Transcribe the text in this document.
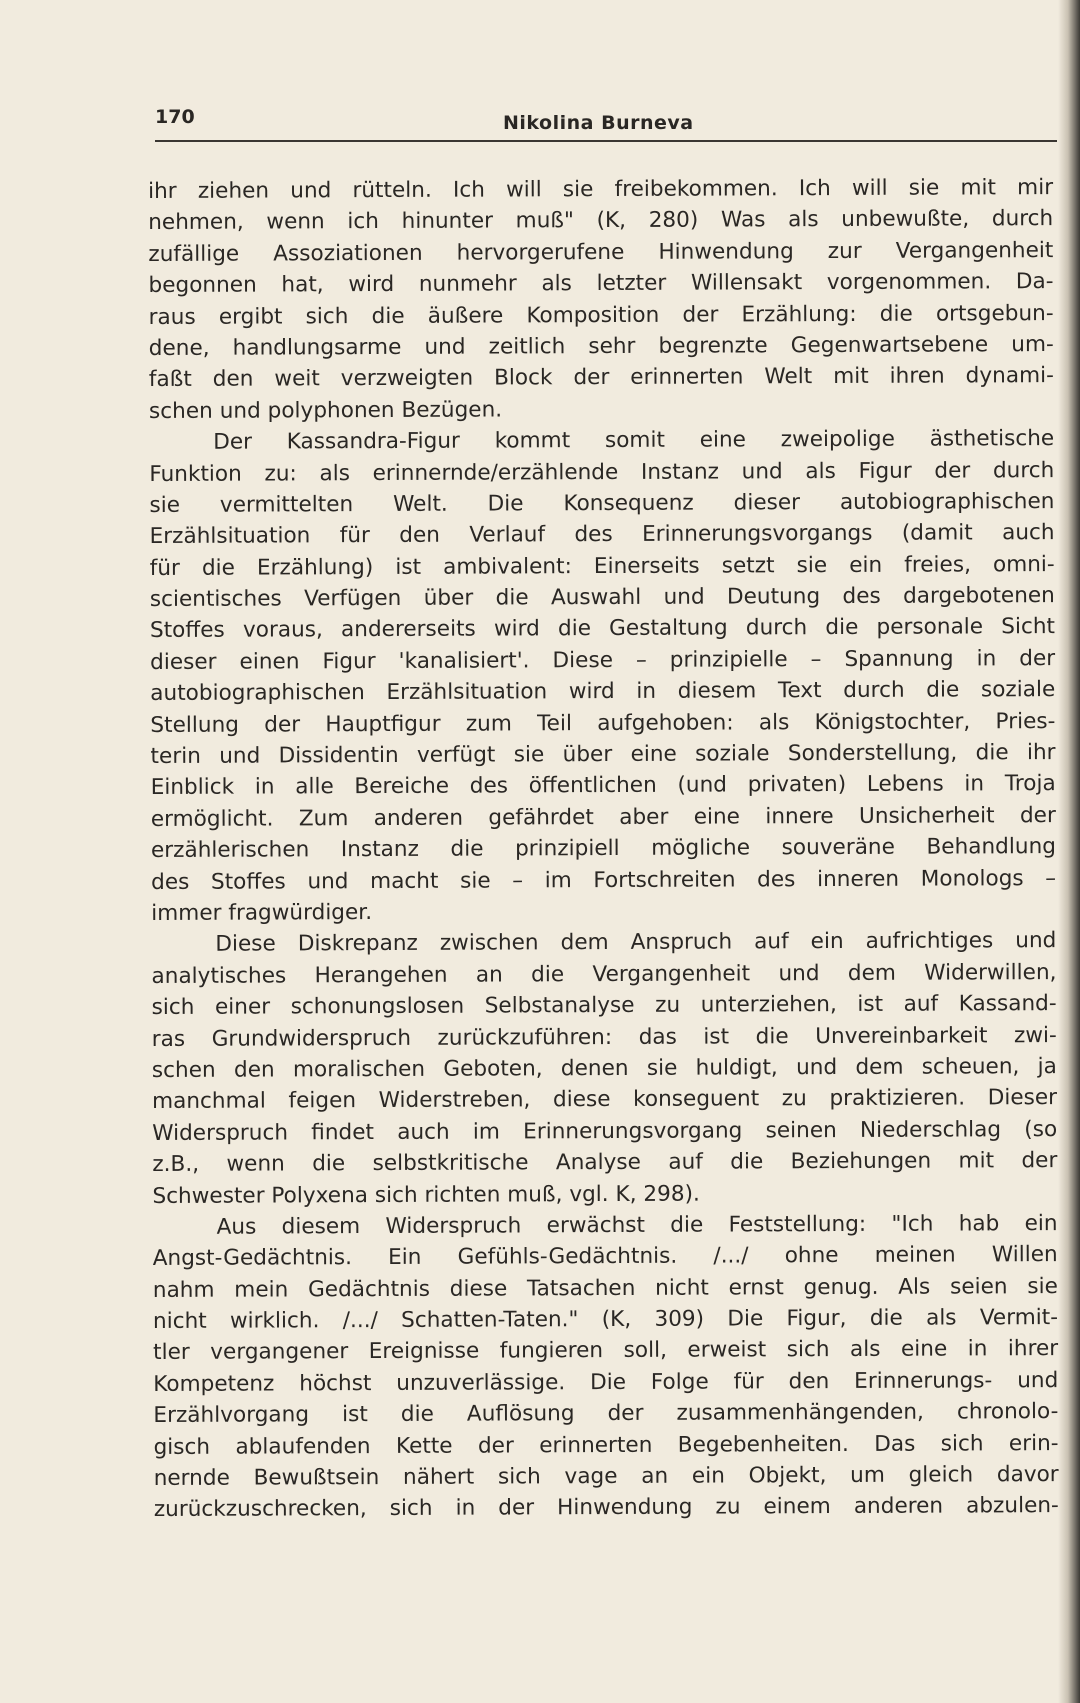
170	Nikolina Burneva
ihr ziehen und rütteln. Ich will sie freibekommen. Ich will sie mit mir
nehmen, wenn ich hinunter muß" (K, 280) Was als unbewußte, durch
zufällige Assoziationen hervorgerufene Hinwendung zur Vergangenheit
begonnen hat, wird nunmehr als letzter Willensakt vorgenommen. Da-
raus ergibt sich die äußere Komposition der Erzählung: die ortsgebun-
dene, handlungsarme und zeitlich sehr begrenzte Gegenwartsebene um-
faßt den weit verzweigten Block der erinnerten Welt mit ihren dynami-
schen und polyphonen Bezügen.
Der Kassandra-Figur kommt somit eine zweipolige ästhetische
Funktion zu: als erinnernde/erzählende Instanz und als Figur der durch
sie vermittelten Welt. Die Konsequenz dieser autobiographischen
Erzählsituation für den Verlauf des Erinnerungsvorgangs (damit auch
für die Erzählung) ist ambivalent: Einerseits setzt sie ein freies, omni-
scientisches Verfügen über die Auswahl und Deutung des dargebotenen
Stoffes voraus, andererseits wird die Gestaltung durch die personale Sicht
dieser einen Figur 'kanalisiert'. Diese – prinzipielle – Spannung in der
autobiographischen Erzählsituation wird in diesem Text durch die soziale
Stellung der Hauptfigur zum Teil aufgehoben: als Königstochter, Pries-
terin und Dissidentin verfügt sie über eine soziale Sonderstellung, die ihr
Einblick in alle Bereiche des öffentlichen (und privaten) Lebens in Troja
ermöglicht. Zum anderen gefährdet aber eine innere Unsicherheit der
erzählerischen Instanz die prinzipiell mögliche souveräne Behandlung
des Stoffes und macht sie – im Fortschreiten des inneren Monologs –
immer fragwürdiger.
Diese Diskrepanz zwischen dem Anspruch auf ein aufrichtiges und
analytisches Herangehen an die Vergangenheit und dem Widerwillen,
sich einer schonungslosen Selbstanalyse zu unterziehen, ist auf Kassand-
ras Grundwiderspruch zurückzuführen: das ist die Unvereinbarkeit zwi-
schen den moralischen Geboten, denen sie huldigt, und dem scheuen, ja
manchmal feigen Widerstreben, diese konseguent zu praktizieren. Dieser
Widerspruch findet auch im Erinnerungsvorgang seinen Niederschlag (so
z.B., wenn die selbstkritische Analyse auf die Beziehungen mit der
Schwester Polyxena sich richten muß, vgl. K, 298).
Aus diesem Widerspruch erwächst die Feststellung: "Ich hab ein
Angst-Gedächtnis. Ein Gefühls-Gedächtnis. /.../ ohne meinen Willen
nahm mein Gedächtnis diese Tatsachen nicht ernst genug. Als seien sie
nicht wirklich. /.../ Schatten-Taten." (K, 309) Die Figur, die als Vermit-
tler vergangener Ereignisse fungieren soll, erweist sich als eine in ihrer
Kompetenz höchst unzuverlässige. Die Folge für den Erinnerungs- und
Erzählvorgang ist die Auflösung der zusammenhängenden, chronolo-
gisch ablaufenden Kette der erinnerten Begebenheiten. Das sich erin-
nernde Bewußtsein nähert sich vage an ein Objekt, um gleich davor
zurückzuschrecken, sich in der Hinwendung zu einem anderen abzulen-
